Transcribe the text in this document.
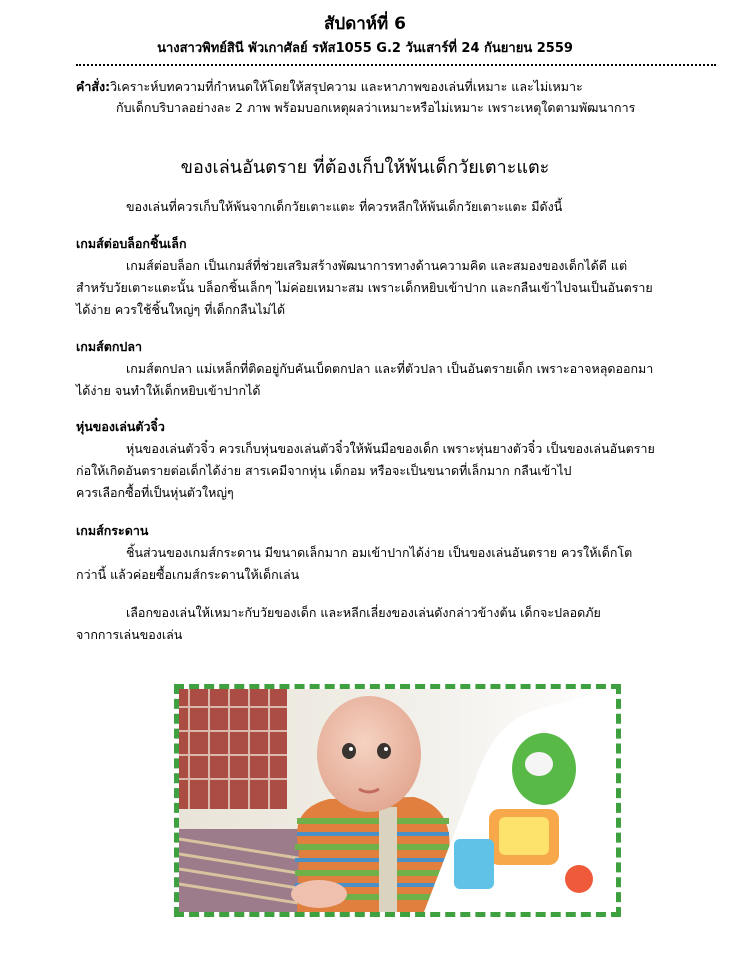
สัปดาห์ที่ 6
นางสาวพิทย์สินี พัวเกาศัลย์ รหัส1055 G.2 วันเสาร์ที่ 24 กันยายน 2559
คำสั่ง:วิเคราะห์บทความที่กำหนดให้โดยให้สรุปความ และหาภาพของเล่นที่เหมาะ และไม่เหมาะ
กับเด็กบริบาลอย่างละ 2 ภาพ พร้อมบอกเหตุผลว่าเหมาะหรือไม่เหมาะ เพราะเหตุใดตามพัฒนาการ
ของเล่นอันตราย ที่ต้องเก็บให้พ้นเด็กวัยเตาะแตะ

ของเล่นที่ควรเก็บให้พ้นจากเด็กวัยเตาะแตะ ที่ควรหลีกให้พ้นเด็กวัยเตาะแตะ มีดังนี้

เกมส์ต่อบล็อกชิ้นเล็ก

เกมส์ต่อบล็อก เป็นเกมส์ที่ช่วยเสริมสร้างพัฒนาการทางด้านความคิด และสมองของเด็กได้ดี แต่

สำหรับวัยเตาะแตะนั้น บล็อกชิ้นเล็กๆ ไม่ค่อยเหมาะสม เพราะเด็กหยิบเข้าปาก และกลืนเข้าไปจนเป็นอันตราย

ได้ง่าย ควรใช้ชิ้นใหญ่ๆ ที่เด็กกลืนไม่ได้

เกมส์ตกปลา

เกมส์ตกปลา แม่เหล็กที่ติดอยู่กับคันเบ็ดตกปลา และที่ตัวปลา เป็นอันตรายเด็ก เพราะอาจหลุดออกมา

ได้ง่าย จนทำให้เด็กหยิบเข้าปากได้

หุ่นของเล่นตัวจิ๋ว

หุ่นของเล่นตัวจิ๋ว ควรเก็บหุ่นของเล่นตัวจิ๋วให้พ้นมือของเด็ก เพราะหุ่นยางตัวจิ๋ว เป็นของเล่นอันตราย

ก่อให้เกิดอันตรายต่อเด็กได้ง่าย สารเคมีจากหุ่น เด็กอม หรือจะเป็นขนาดที่เล็กมาก กลืนเข้าไป

ควรเลือกซื้อที่เป็นหุ่นตัวใหญ่ๆ

เกมส์กระดาน

ชิ้นส่วนของเกมส์กระดาน มีขนาดเล็กมาก อมเข้าปากได้ง่าย เป็นของเล่นอันตราย ควรให้เด็กโต

กว่านี้ แล้วค่อยซื้อเกมส์กระดานให้เด็กเล่น

เลือกของเล่นให้เหมาะกับวัยของเด็ก และหลีกเลี่ยงของเล่นดังกล่าวข้างต้น เด็กจะปลอดภัย

จากการเล่นของเล่น
